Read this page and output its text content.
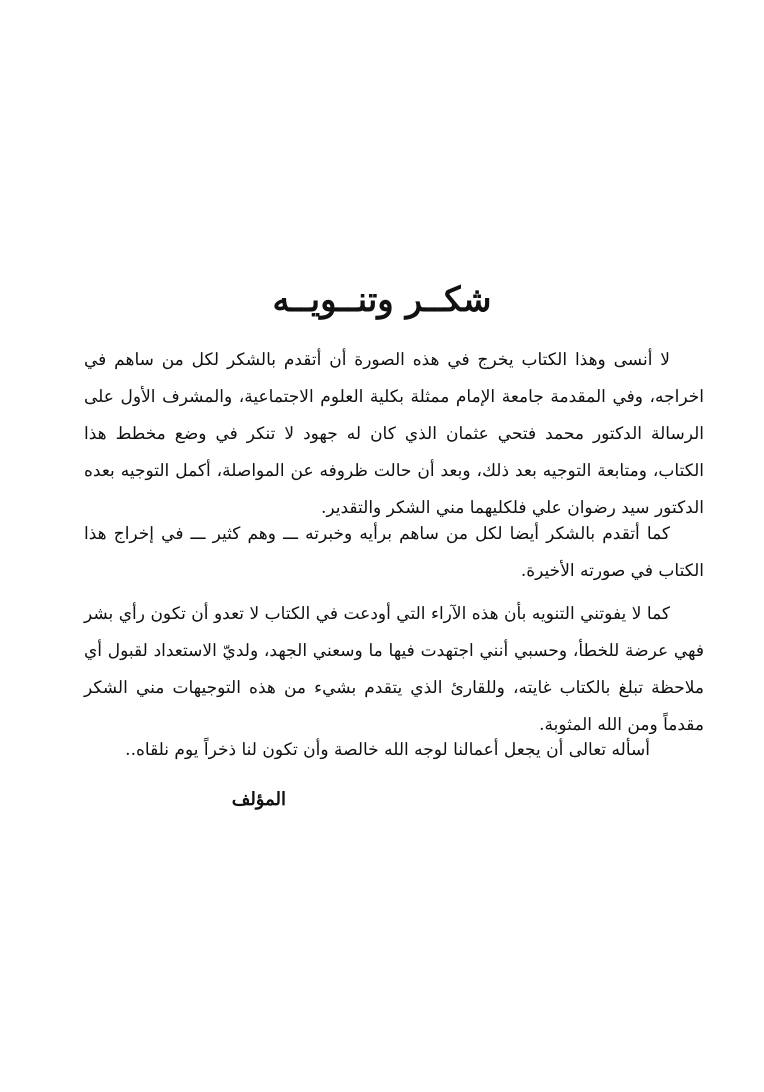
شكــر وتنــويــه

لا أنسى وهذا الكتاب يخرج في هذه الصورة أن أتقدم بالشكر لكل من ساهم في اخراجه، وفي المقدمة جامعة الإمام ممثلة بكلية العلوم الاجتماعية، والمشرف الأول على الرسالة الدكتور محمد فتحي عثمان الذي كان له جهود لا تنكر في وضع مخطط هذا الكتاب، ومتابعة التوجيه بعد ذلك، وبعد أن حالت ظروفه عن المواصلة، أكمل التوجيه بعده الدكتور سيد رضوان علي فلكليهما مني الشكر والتقدير.

كما أتقدم بالشكر أيضا لكل من ساهم برأيه وخبرته ـــ وهم كثير ـــ في إخراج هذا الكتاب في صورته الأخيرة.

كما لا يفوتني التنويه بأن هذه الآراء التي أودعت في الكتاب لا تعدو أن تكون رأي بشر فهي عرضة للخطأ، وحسبي أنني اجتهدت فيها ما وسعني الجهد، ولديّ الاستعداد لقبول أي ملاحظة تبلغ بالكتاب غايته، وللقارئ الذي يتقدم بشيء من هذه التوجيهات مني الشكر مقدماً ومن الله المثوبة.

أسأله تعالى أن يجعل أعمالنا لوجه الله خالصة وأن تكون لنا ذخراً يوم نلقاه..

المؤلف
